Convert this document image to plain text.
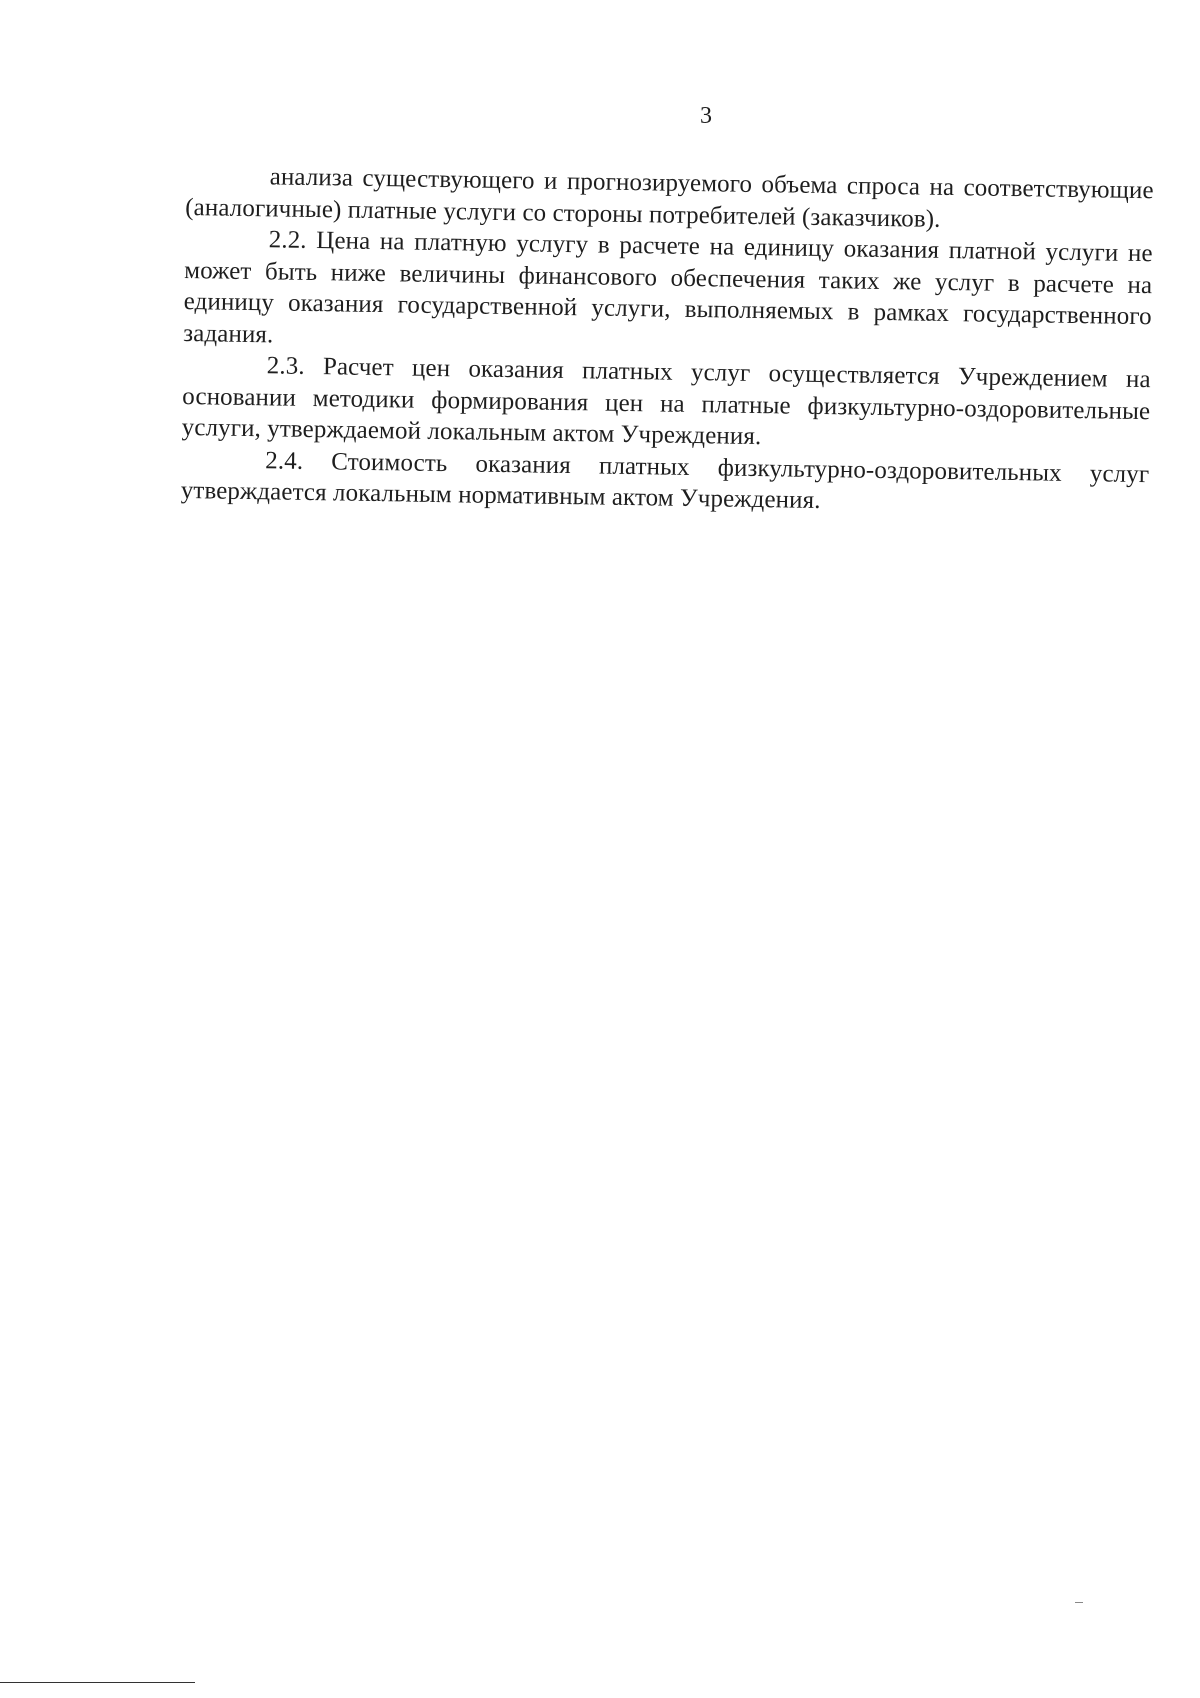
3

анализа существующего и прогнозируемого объема спроса на соответствующие (аналогичные) платные услуги со стороны потребителей (заказчиков).

2.2. Цена на платную услугу в расчете на единицу оказания платной услуги не может быть ниже величины финансового обеспечения таких же услуг в расчете на единицу оказания государственной услуги, выполняемых в рамках государственного задания.

2.3. Расчет цен оказания платных услуг осуществляется Учреждением на основании методики формирования цен на платные физкультурно-оздоровительные услуги, утверждаемой локальным актом Учреждения.

2.4. Стоимость оказания платных физкультурно-оздоровительных услуг утверждается локальным нормативным актом Учреждения.
